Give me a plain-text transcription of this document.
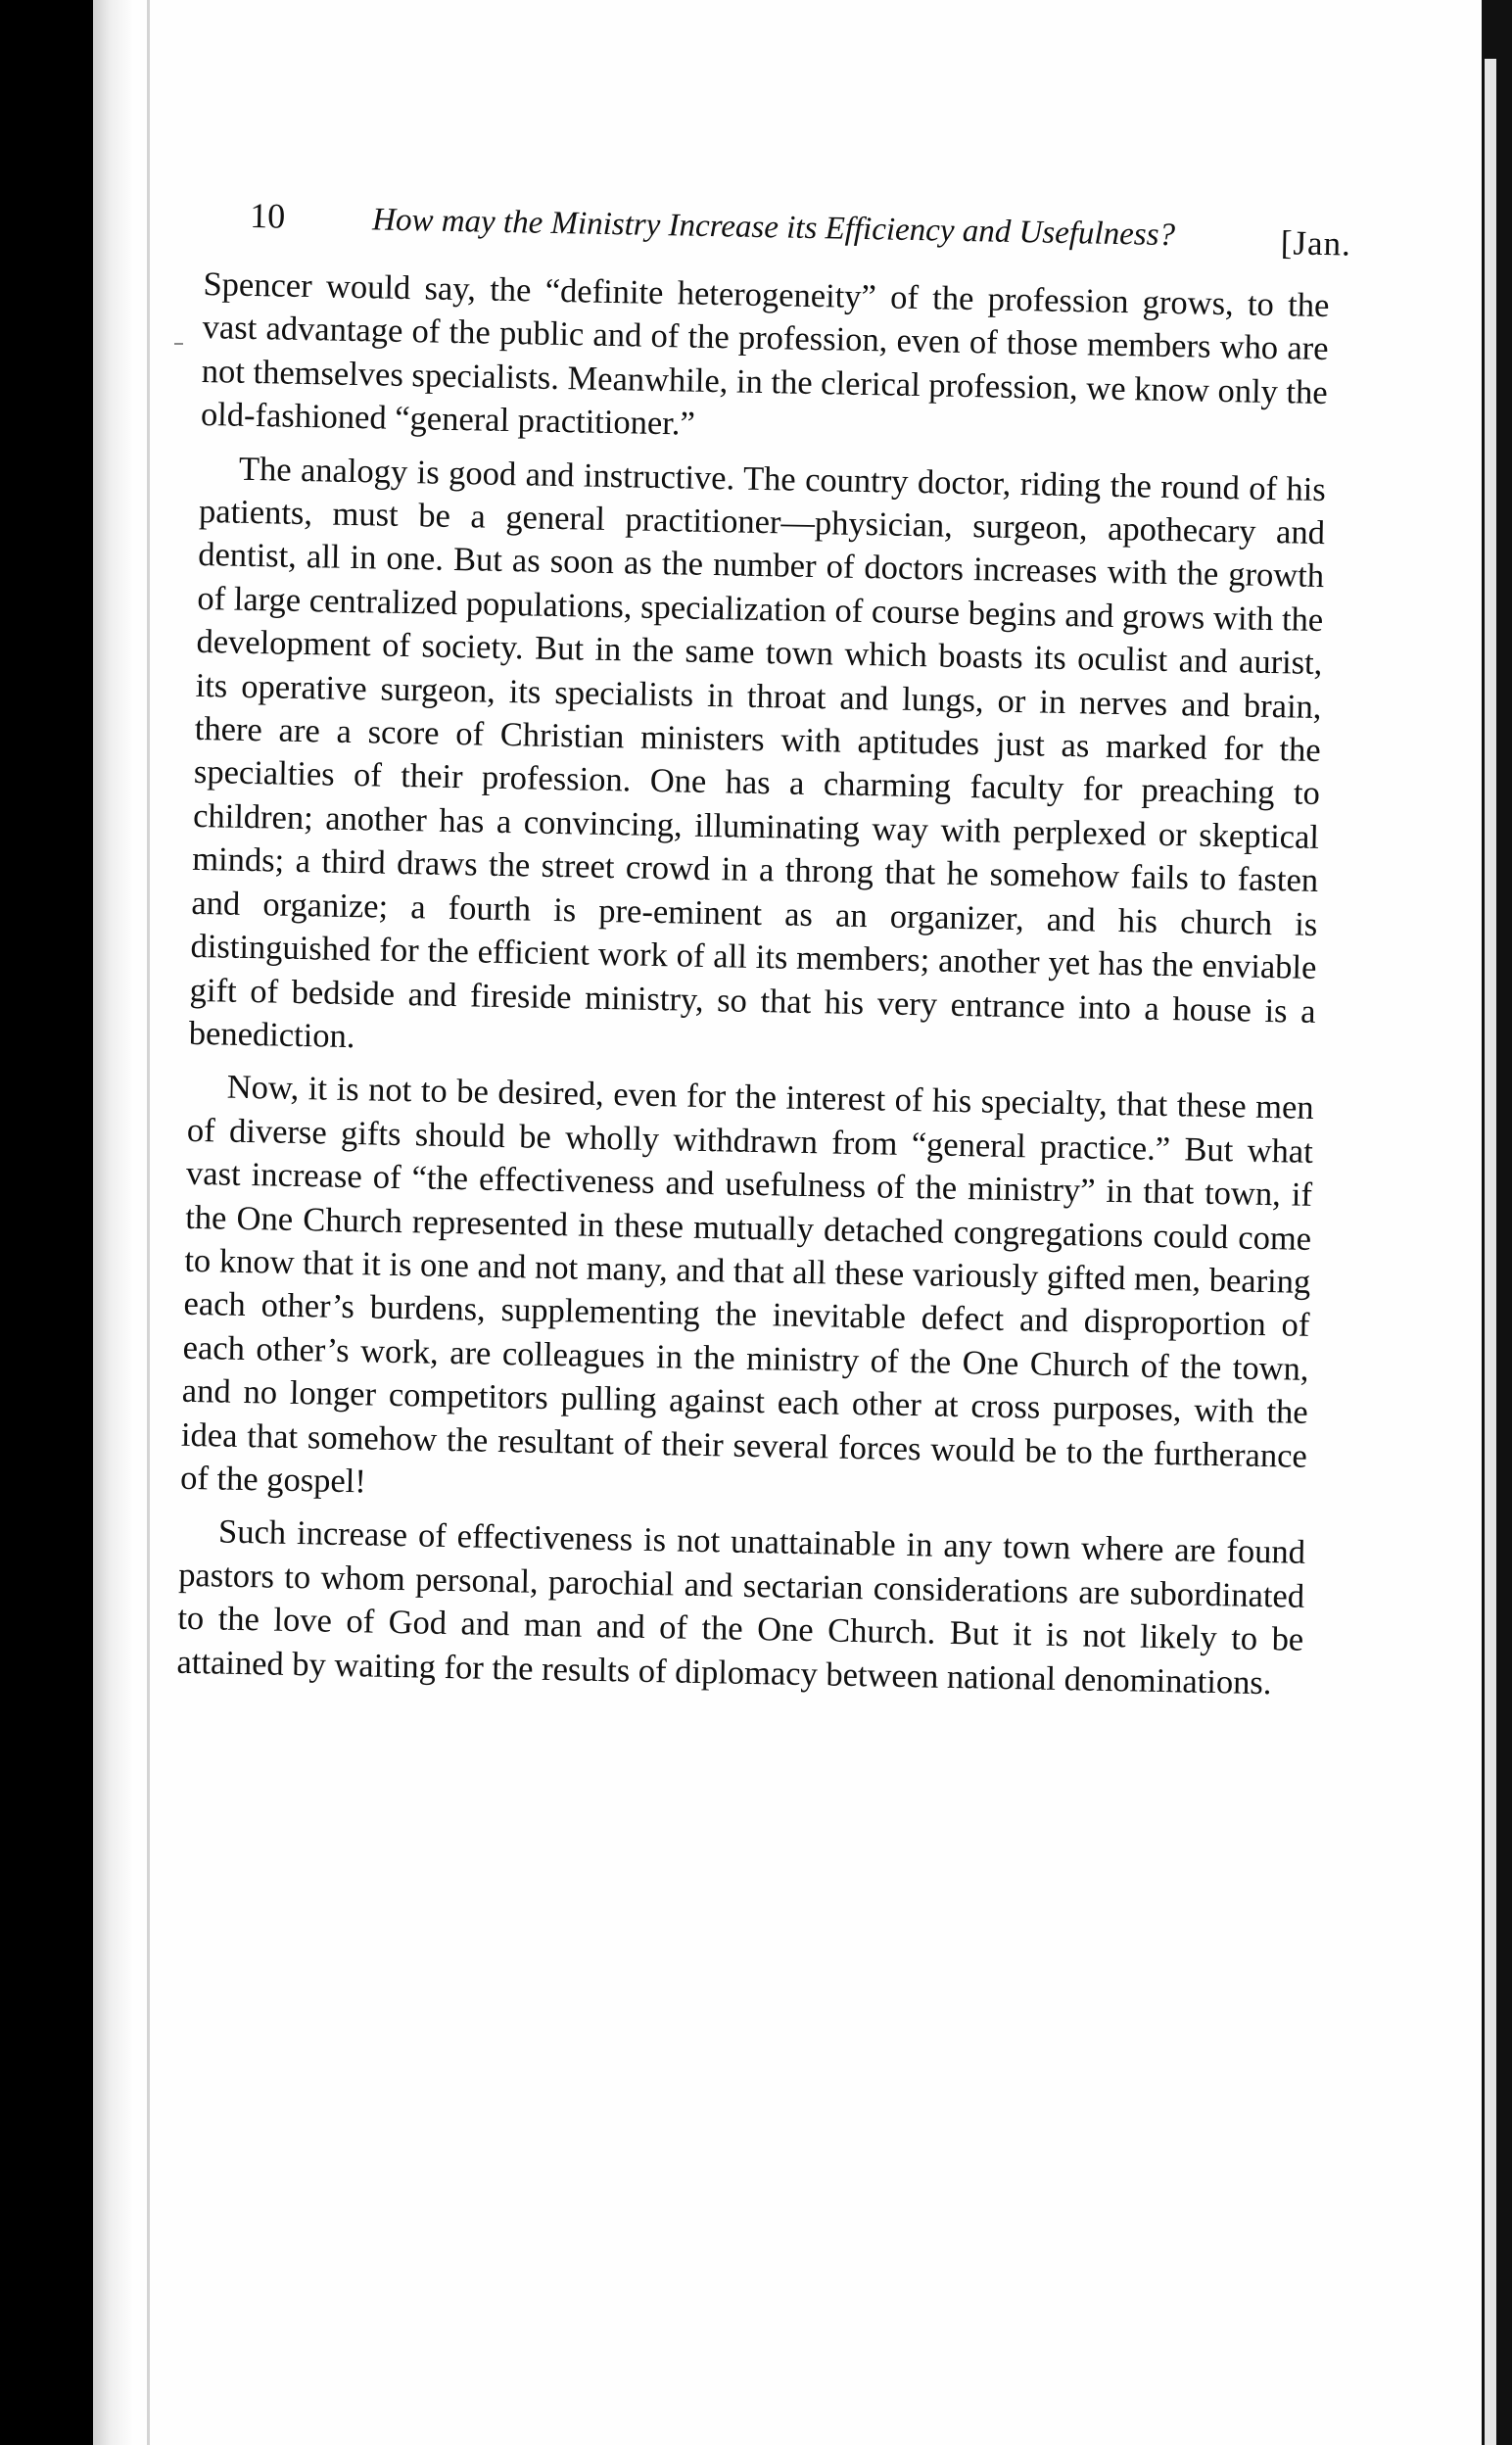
10	How may the Ministry Increase its Efficiency and Usefulness?	[Jan.

Spencer would say, the “definite heterogeneity” of the profession grows, to the vast advantage of the public and of the profession, even of those members who are not themselves specialists. Meanwhile, in the clerical profession, we know only the old-fashioned “general practitioner.”

The analogy is good and instructive. The country doctor, riding the round of his patients, must be a general practitioner—physician, surgeon, apothecary and dentist, all in one. But as soon as the number of doctors increases with the growth of large centralized populations, specialization of course begins and grows with the development of society. But in the same town which boasts its oculist and aurist, its operative surgeon, its specialists in throat and lungs, or in nerves and brain, there are a score of Christian ministers with aptitudes just as marked for the specialties of their profession. One has a charming faculty for preaching to children; another has a convincing, illuminating way with perplexed or skeptical minds; a third draws the street crowd in a throng that he somehow fails to fasten and organize; a fourth is pre-eminent as an organizer, and his church is distinguished for the efficient work of all its members; another yet has the enviable gift of bedside and fireside ministry, so that his very entrance into a house is a benediction.

Now, it is not to be desired, even for the interest of his specialty, that these men of diverse gifts should be wholly withdrawn from “general practice.” But what vast increase of “the effectiveness and usefulness of the ministry” in that town, if the One Church represented in these mutually detached congregations could come to know that it is one and not many, and that all these variously gifted men, bearing each other’s burdens, supplementing the inevitable defect and disproportion of each other’s work, are colleagues in the ministry of the One Church of the town, and no longer competitors pulling against each other at cross purposes, with the idea that somehow the resultant of their several forces would be to the furtherance of the gospel!

Such increase of effectiveness is not unattainable in any town where are found pastors to whom personal, parochial and sectarian considerations are subordinated to the love of God and man and of the One Church. But it is not likely to be attained by waiting for the results of diplomacy between national denominations.
